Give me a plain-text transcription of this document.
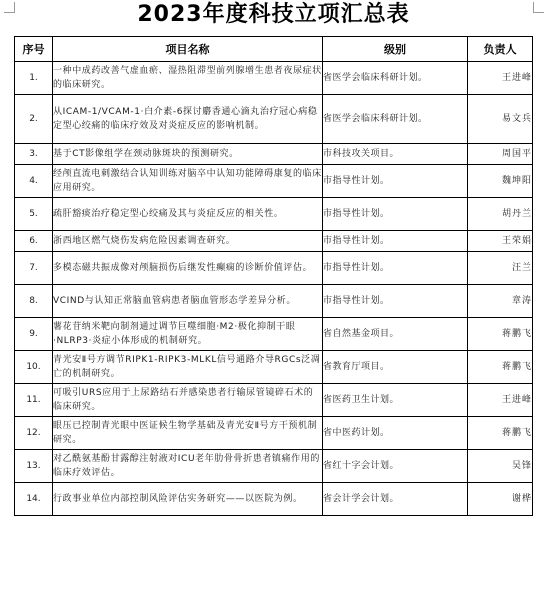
2023年度科技立项汇总表
序号	项目名称	级别	负责人
1.	一种中成药改善气虚血瘀、湿热阻滞型前列腺增生患者夜尿症状的临床研究。	省医学会临床科研计划。	王进峰
2.	从ICAM-1/VCAM-1·白介素-6探讨麝香通心滴丸治疗冠心病稳定型心绞痛的临床疗效及对炎症反应的影响机制。	省医学会临床科研计划。	易文兵
3.	基于CT影像组学在颈动脉斑块的预测研究。	市科技攻关项目。	周国平
4.	经颅直流电刺激结合认知训练对脑卒中认知功能障碍康复的临床应用研究。	市指导性计划。	魏坤阳
5.	疏肝豁痰治疗稳定型心绞痛及其与炎症反应的相关性。	市指导性计划。	胡丹兰
6.	浙西地区燃气烧伤发病危险因素调查研究。	市指导性计划。	王荣娟
7.	多模态磁共振成像对颅脑损伤后继发性癫痫的诊断价值评估。	市指导性计划。	汪兰
8.	VCIND与认知正常脑血管病患者脑血管形态学差异分析。	市指导性计划。	章涛
9.	薯花苷纳米靶向制剂通过调节巨噬细胞·M2·极化抑制干眼·NLRP3·炎症小体形成的机制研究。	省自然基金项目。	蒋鹏飞
10.	青光安Ⅱ号方调节RIPK1-RIPK3-MLKL信号通路介导RGCs泛凋亡的机制研究。	省教育厅项目。	蒋鹏飞
11.	可吸引URS应用于上尿路结石并感染患者行输尿管镜碎石术的临床研究。	省医药卫生计划。	王进峰
12.	眼压已控制青光眼中医证候生物学基础及青光安Ⅱ号方干预机制研究。	省中医药计划。	蒋鹏飞
13.	对乙酰氨基酚甘露醇注射液对ICU老年肋骨骨折患者镇痛作用的临床疗效评估。	省红十字会计划。	吴锋
14.	行政事业单位内部控制风险评估实务研究——以医院为例。	省会计学会计划。	谢桦
